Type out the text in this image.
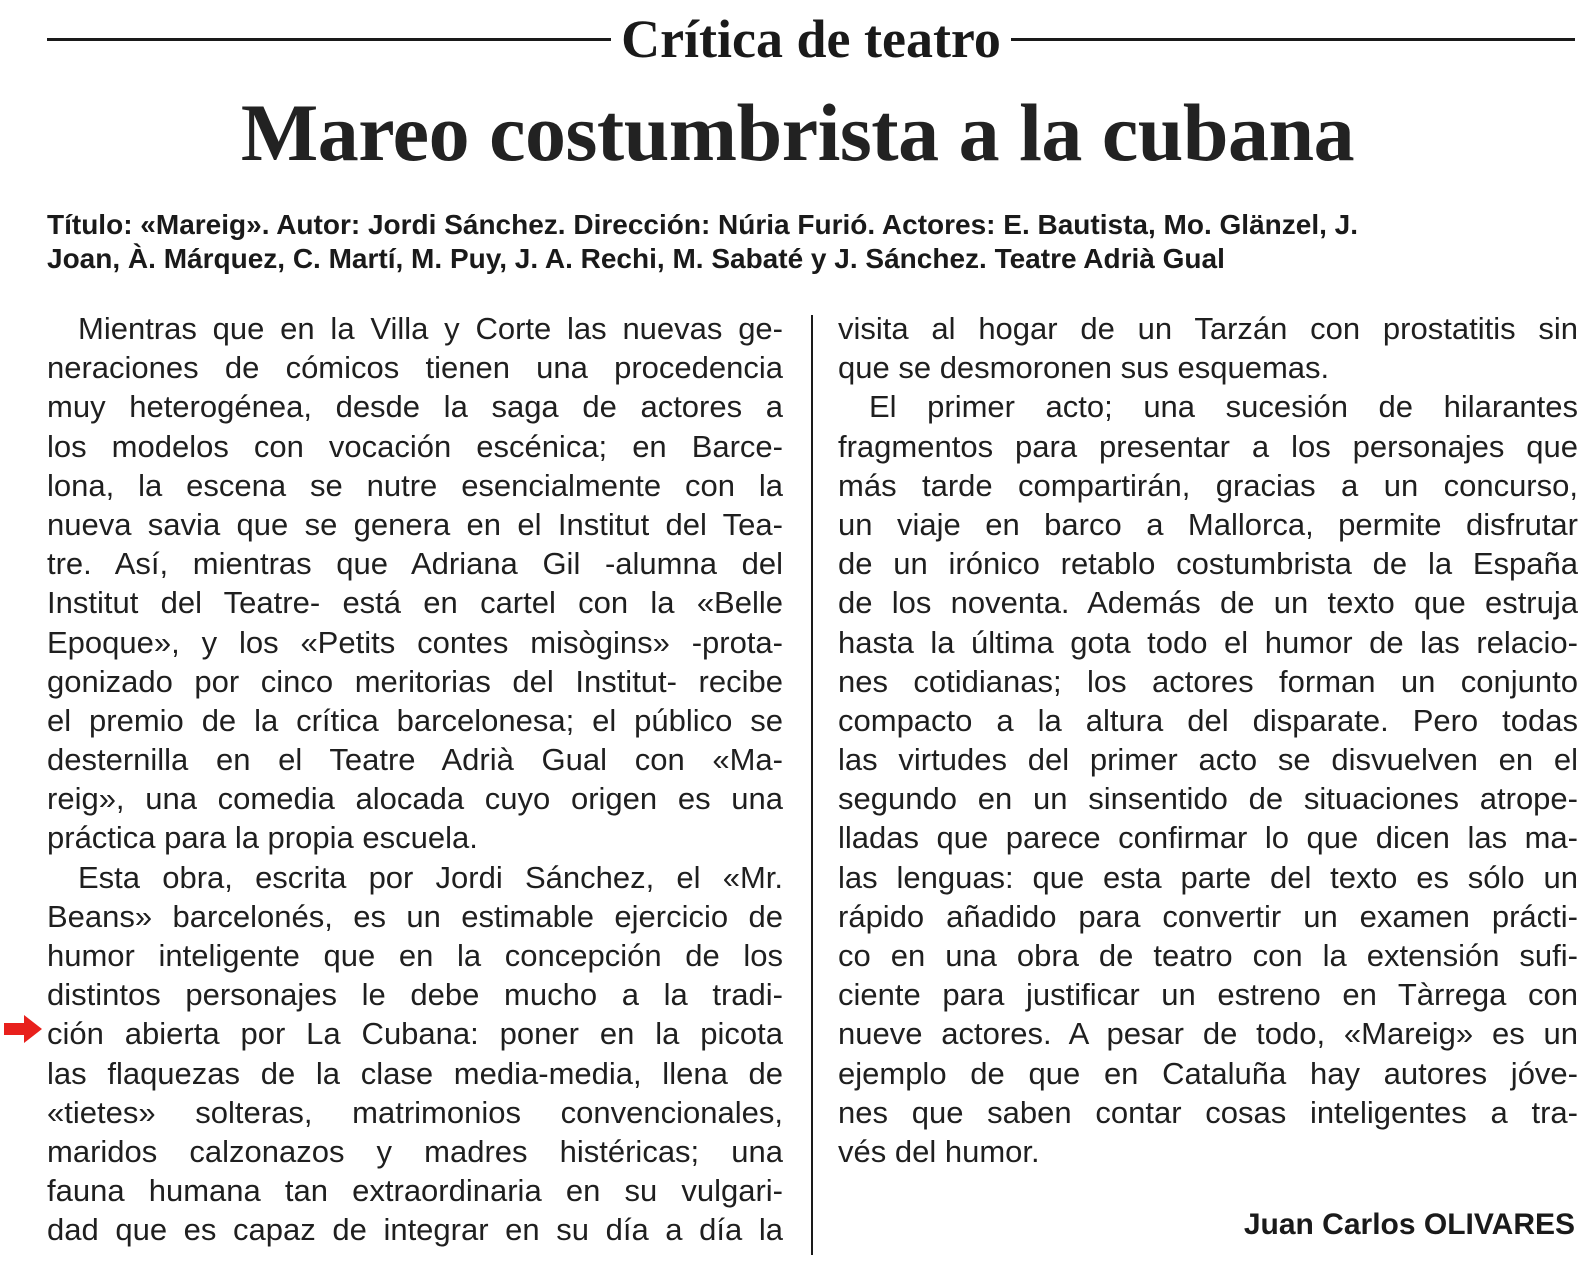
Crítica de teatro
Mareo costumbrista a la cubana
Título: «Mareig». Autor: Jordi Sánchez. Dirección: Núria Furió. Actores: E. Bautista, Mo. Glänzel, J.
Joan, À. Márquez, C. Martí, M. Puy, J. A. Rechi, M. Sabaté y J. Sánchez. Teatre Adrià Gual
Mientras que en la Villa y Corte las nuevas ge-
neraciones de cómicos tienen una procedencia
muy heterogénea, desde la saga de actores a
los modelos con vocación escénica; en Barce-
lona, la escena se nutre esencialmente con la
nueva savia que se genera en el Institut del Tea-
tre. Así, mientras que Adriana Gil -alumna del
Institut del Teatre- está en cartel con la «Belle
Epoque», y los «Petits contes misògins» -prota-
gonizado por cinco meritorias del Institut- recibe
el premio de la crítica barcelonesa; el público se
desternilla en el Teatre Adrià Gual con «Ma-
reig», una comedia alocada cuyo origen es una
práctica para la propia escuela.
Esta obra, escrita por Jordi Sánchez, el «Mr.
Beans» barcelonés, es un estimable ejercicio de
humor inteligente que en la concepción de los
distintos personajes le debe mucho a la tradi-
ción abierta por La Cubana: poner en la picota
las flaquezas de la clase media-media, llena de
«tietes» solteras, matrimonios convencionales,
maridos calzonazos y madres histéricas; una
fauna humana tan extraordinaria en su vulgari-
dad que es capaz de integrar en su día a día la
visita al hogar de un Tarzán con prostatitis sin
que se desmoronen sus esquemas.
El primer acto; una sucesión de hilarantes
fragmentos para presentar a los personajes que
más tarde compartirán, gracias a un concurso,
un viaje en barco a Mallorca, permite disfrutar
de un irónico retablo costumbrista de la España
de los noventa. Además de un texto que estruja
hasta la última gota todo el humor de las relacio-
nes cotidianas; los actores forman un conjunto
compacto a la altura del disparate. Pero todas
las virtudes del primer acto se disvuelven en el
segundo en un sinsentido de situaciones atrope-
lladas que parece confirmar lo que dicen las ma-
las lenguas: que esta parte del texto es sólo un
rápido añadido para convertir un examen prácti-
co en una obra de teatro con la extensión sufi-
ciente para justificar un estreno en Tàrrega con
nueve actores. A pesar de todo, «Mareig» es un
ejemplo de que en Cataluña hay autores jóve-
nes que saben contar cosas inteligentes a tra-
vés del humor.
Juan Carlos OLIVARES
